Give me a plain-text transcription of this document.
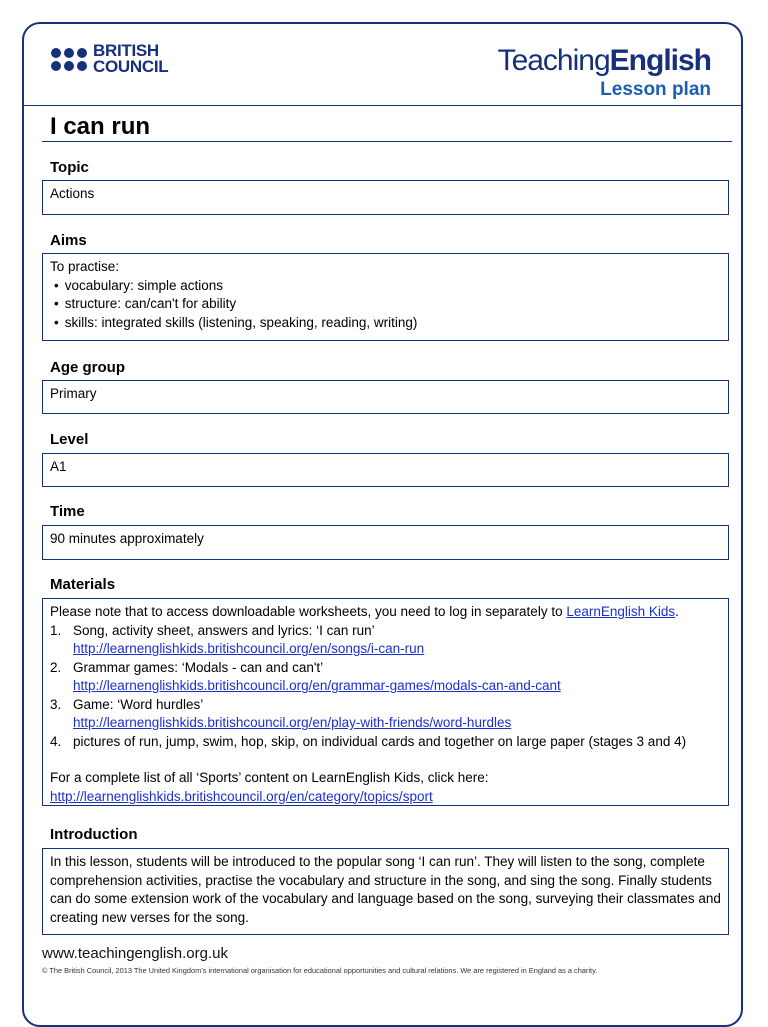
BRITISH
COUNCIL	TeachingEnglish
Lesson plan
I can run
Topic
Actions
Aims
To practise:
• vocabulary: simple actions
• structure: can/can't for ability
• skills: integrated skills (listening, speaking, reading, writing)
Age group
Primary
Level
A1
Time
90 minutes approximately
Materials
Please note that to access downloadable worksheets, you need to log in separately to LearnEnglish Kids.
1. Song, activity sheet, answers and lyrics: ‘I can run’
http://learnenglishkids.britishcouncil.org/en/songs/i-can-run
2. Grammar games: ‘Modals - can and can't’
http://learnenglishkids.britishcouncil.org/en/grammar-games/modals-can-and-cant
3. Game: ‘Word hurdles’
http://learnenglishkids.britishcouncil.org/en/play-with-friends/word-hurdles
4. pictures of run, jump, swim, hop, skip, on individual cards and together on large paper (stages 3 and 4)
For a complete list of all ‘Sports’ content on LearnEnglish Kids, click here:
http://learnenglishkids.britishcouncil.org/en/category/topics/sport
Introduction
In this lesson, students will be introduced to the popular song ‘I can run’. They will listen to the song, complete comprehension activities, practise the vocabulary and structure in the song, and sing the song. Finally students can do some extension work of the vocabulary and language based on the song, surveying their classmates and creating new verses for the song.
www.teachingenglish.org.uk
© The British Council, 2013 The United Kingdom’s international organisation for educational opportunities and cultural relations. We are registered in England as a charity.
